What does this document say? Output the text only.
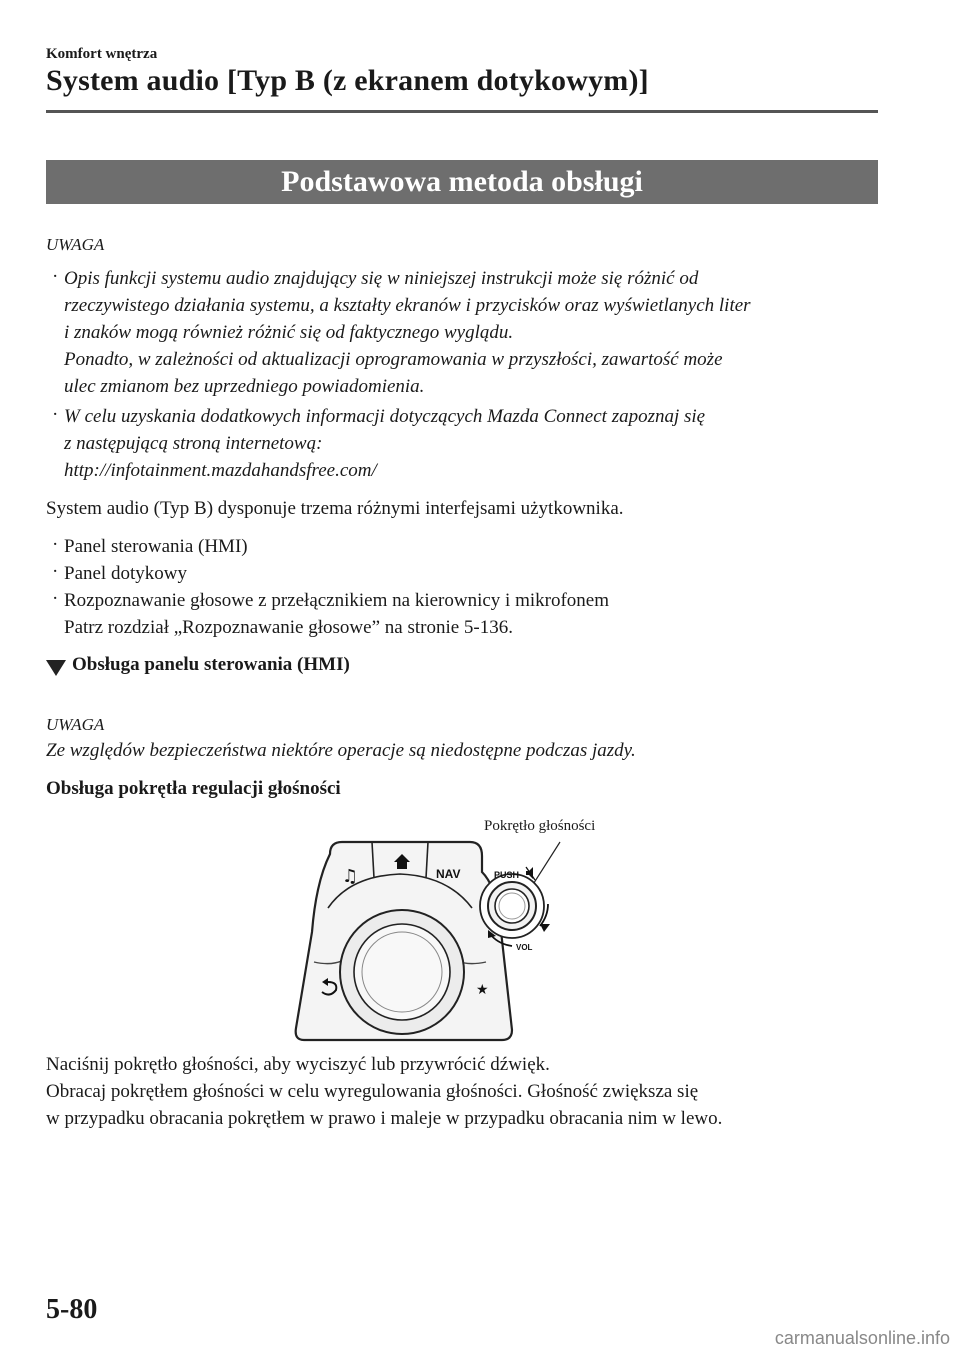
Komfort wnętrza
System audio [Typ B (z ekranem dotykowym)]
Podstawowa metoda obsługi
UWAGA
· Opis funkcji systemu audio znajdujący się w niniejszej instrukcji może się różnić od
rzeczywistego działania systemu, a kształty ekranów i przycisków oraz wyświetlanych liter
i znaków mogą również różnić się od faktycznego wyglądu.
Ponadto, w zależności od aktualizacji oprogramowania w przyszłości, zawartość może
ulec zmianom bez uprzedniego powiadomienia.
· W celu uzyskania dodatkowych informacji dotyczących Mazda Connect zapoznaj się
z następującą stroną internetową:
http://infotainment.mazdahandsfree.com/
System audio (Typ B) dysponuje trzema różnymi interfejsami użytkownika.
· Panel sterowania (HMI)
· Panel dotykowy
· Rozpoznawanie głosowe z przełącznikiem na kierownicy i mikrofonem
Patrz rozdział „Rozpoznawanie głosowe” na stronie 5-136.
Obsługa panelu sterowania (HMI)
UWAGA
Ze względów bezpieczeństwa niektóre operacje są niedostępne podczas jazdy.
Obsługa pokrętła regulacji głośności
Pokrętło głośności
♫	NAV
★
PUSH
VOL
Naciśnij pokrętło głośności, aby wyciszyć lub przywrócić dźwięk.
Obracaj pokrętłem głośności w celu wyregulowania głośności. Głośność zwiększa się
w przypadku obracania pokrętłem w prawo i maleje w przypadku obracania nim w lewo.
5-80
carmanualsonline.info
